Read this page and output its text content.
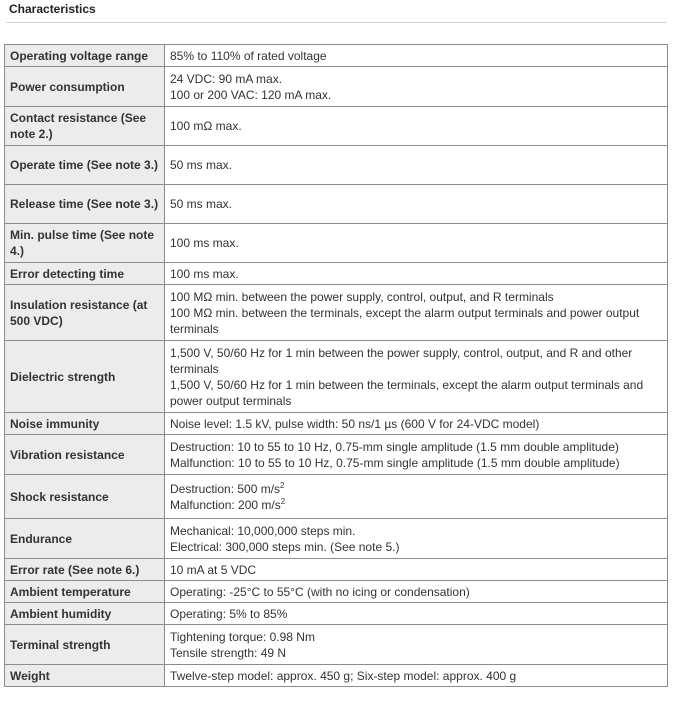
Characteristics
Operating voltage range	85% to 110% of rated voltage

Power consumption	24 VDC: 90 mA max.
100 or 200 VAC: 120 mA max.

Contact resistance (See note 2.)	100 mΩ max.

Operate time (See note 3.)	50 ms max.

Release time (See note 3.)	50 ms max.

Min. pulse time (See note 4.)	100 ms max.

Error detecting time	100 ms max.

Insulation resistance (at 500 VDC)	100 MΩ min. between the power supply, control, output, and R terminals
100 MΩ min. between the terminals, except the alarm output terminals and power output terminals

Dielectric strength	1,500 V, 50/60 Hz for 1 min between the power supply, control, output, and R and other terminals
1,500 V, 50/60 Hz for 1 min between the terminals, except the alarm output terminals and power output terminals

Noise immunity	Noise level: 1.5 kV, pulse width: 50 ns/1 µs (600 V for 24-VDC model)

Vibration resistance	Destruction: 10 to 55 to 10 Hz, 0.75-mm single amplitude (1.5 mm double amplitude)
Malfunction: 10 to 55 to 10 Hz, 0.75-mm single amplitude (1.5 mm double amplitude)

Shock resistance	Destruction: 500 $m/s^2$
Malfunction: 200 $m/s^2$

Endurance	Mechanical: 10,000,000 steps min.
Electrical: 300,000 steps min. (See note 5.)

Error rate (See note 6.)	10 mA at 5 VDC

Ambient temperature	Operating: -25°C to 55°C (with no icing or condensation)

Ambient humidity	Operating: 5% to 85%

Terminal strength	Tightening torque: 0.98 Nm
Tensile strength: 49 N

Weight	Twelve-step model: approx. 450 g; Six-step model: approx. 400 g
